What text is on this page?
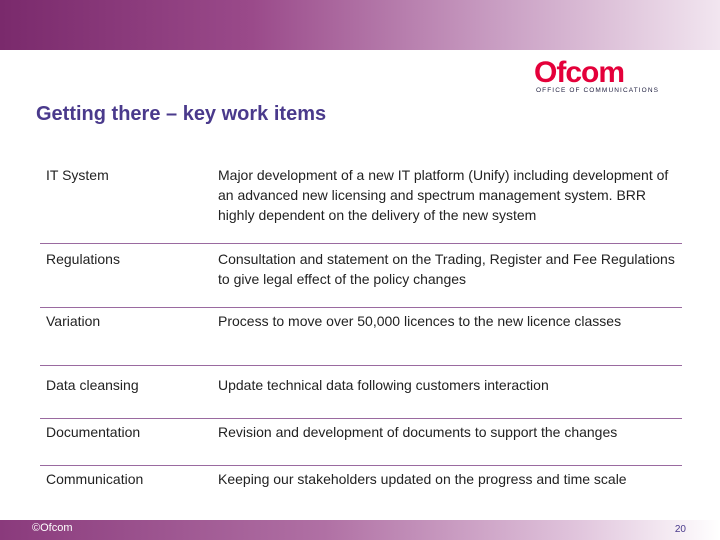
Ofcom
OFFICE OF COMMUNICATIONS
Getting there – key work items
IT System	Major development of a new IT platform (Unify) including development of an advanced new licensing and spectrum management system. BRR highly dependent on the delivery of the new system
Regulations	Consultation and statement on the Trading, Register and Fee Regulations to give legal effect of the policy changes
Variation	Process to move over 50,000 licences to the new licence classes
Data cleansing	Update technical data following customers interaction
Documentation	Revision and development of documents to support the changes
Communication	Keeping our stakeholders updated on the progress and time scale
©Ofcom	20
